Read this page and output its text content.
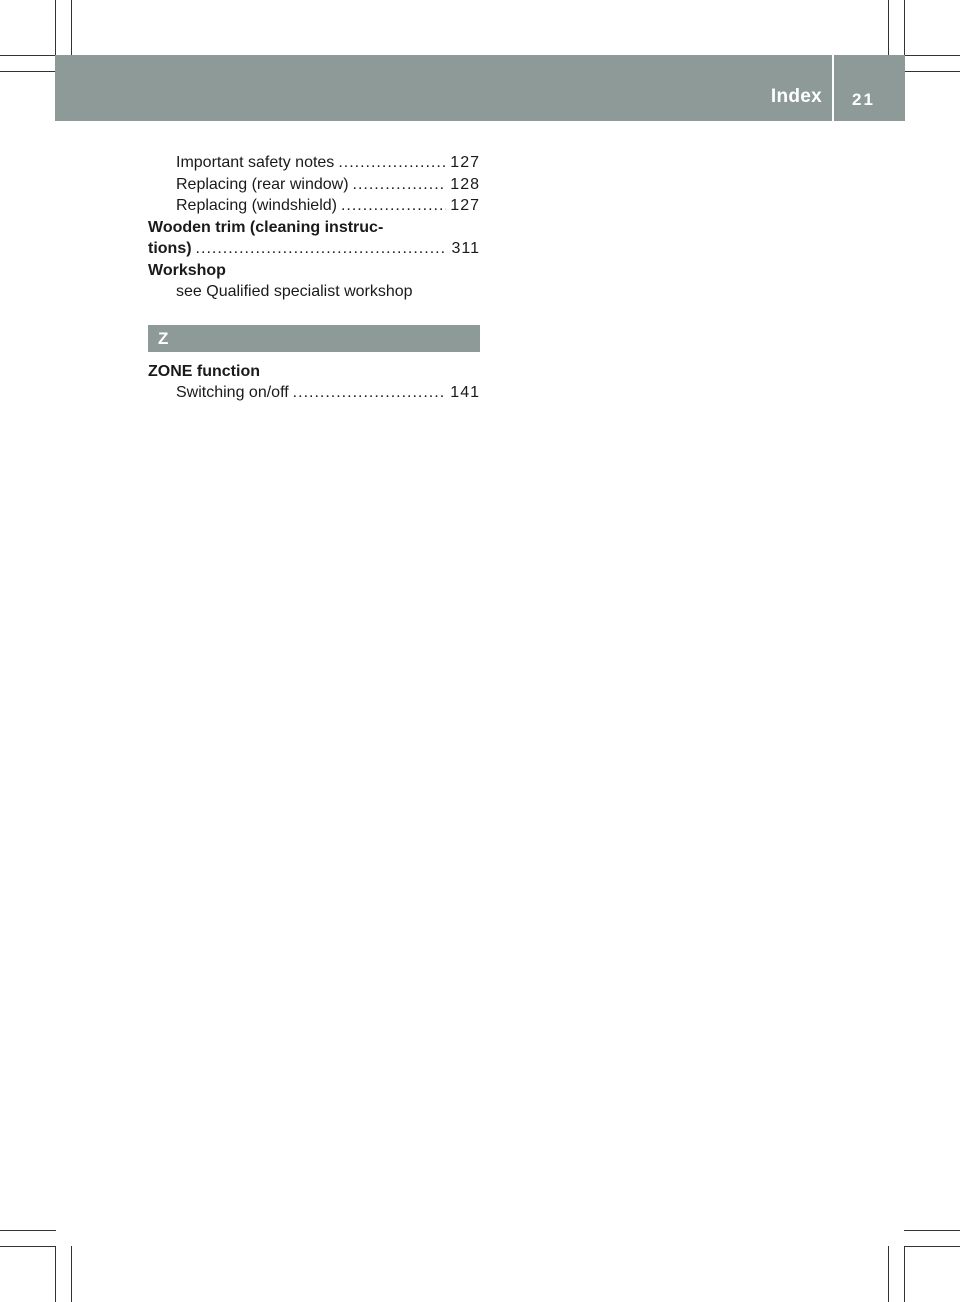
Index 21
Important safety notes .....	127
Replacing (rear window) .....	128
Replacing (windshield) .....	127
Wooden trim (cleaning instruc-
tions) .....	311
Workshop
see Qualified specialist workshop
Z
ZONE function
Switching on/off .....	141
